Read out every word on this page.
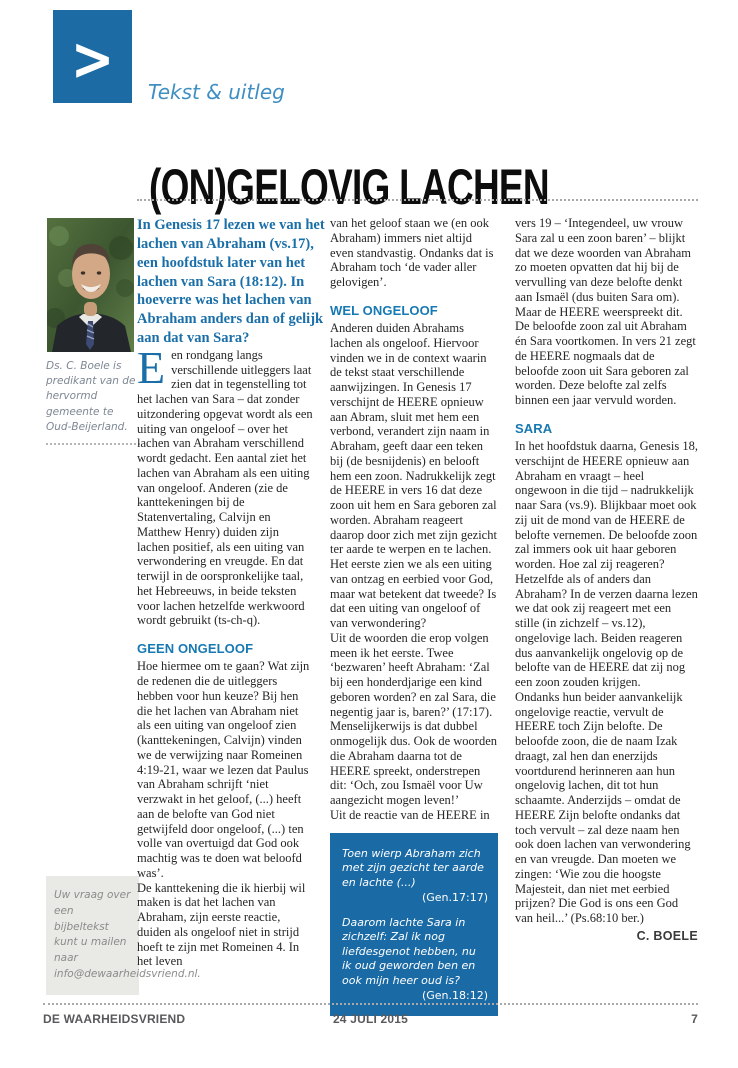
> Tekst & uitleg
(ON)GELOVIG LACHEN
Ds. C. Boele is predikant van de hervormd gemeente te Oud-Beijerland.
Uw vraag over een bijbeltekst kunt u mailen naar info@dewaarheidsvriend.nl.

In Genesis 17 lezen we van het lachen van Abraham (vs.17), een hoofdstuk later van het lachen van Sara (18:12). In hoeverre was het lachen van Abraham anders dan of gelijk aan dat van Sara?

Een rondgang langs verschillende uitleggers laat zien dat in tegenstelling tot het lachen van Sara – dat zonder uitzondering opgevat wordt als een uiting van ongeloof – over het lachen van Abraham verschillend wordt gedacht. Een aantal ziet het lachen van Abraham als een uiting van ongeloof. Anderen (zie de kanttekeningen bij de Statenvertaling, Calvijn en Matthew Henry) duiden zijn lachen positief, als een uiting van verwondering en vreugde. En dat terwijl in de oorspronkelijke taal, het Hebreeuws, in beide teksten voor lachen hetzelfde werkwoord wordt gebruikt (ts-ch-q).

GEEN ONGELOOF

Hoe hiermee om te gaan? Wat zijn de redenen die de uitleggers hebben voor hun keuze? Bij hen die het lachen van Abraham niet als een uiting van ongeloof zien (kanttekeningen, Calvijn) vinden we de verwijzing naar Romeinen 4:19-21, waar we lezen dat Paulus van Abraham schrijft ‘niet verzwakt in het geloof, (...) heeft aan de belofte van God niet getwijfeld door ongeloof, (...) ten volle van overtuigd dat God ook machtig was te doen wat beloofd was’.

De kanttekening die ik hierbij wil maken is dat het lachen van Abraham, zijn eerste reactie, duiden als ongeloof niet in strijd hoeft te zijn met Romeinen 4. In het leven

van het geloof staan we (en ook Abraham) immers niet altijd even standvastig. Ondanks dat is Abraham toch ‘de vader aller gelovigen’.

WEL ONGELOOF

Anderen duiden Abrahams lachen als ongeloof. Hiervoor vinden we in de context waarin de tekst staat verschillende aanwijzingen. In Genesis 17 verschijnt de HEERE opnieuw aan Abram, sluit met hem een verbond, verandert zijn naam in Abraham, geeft daar een teken bij (de besnijdenis) en belooft hem een zoon. Nadrukkelijk zegt de HEERE in vers 16 dat deze zoon uit hem en Sara geboren zal worden. Abraham reageert daarop door zich met zijn gezicht ter aarde te werpen en te lachen. Het eerste zien we als een uiting van ontzag en eerbied voor God, maar wat betekent dat tweede? Is dat een uiting van ongeloof of van verwondering?

Uit de woorden die erop volgen meen ik het eerste. Twee ‘bezwaren’ heeft Abraham: ‘Zal bij een honderdjarige een kind geboren worden? en zal Sara, die negentig jaar is, baren?’ (17:17). Menselijkerwijs is dat dubbel onmogelijk dus. Ook de woorden die Abraham daarna tot de HEERE spreekt, onderstrepen dit: ‘Och, zou Ismaël voor Uw aangezicht mogen leven!’

Uit de reactie van de HEERE in

Toen wierp Abraham zich met zijn gezicht ter aarde en lachte (...)
(Gen.17:17)
Daarom lachte Sara in zichzelf: Zal ik nog liefdesgenot hebben, nu ik oud geworden ben en ook mijn heer oud is?
(Gen.18:12)

vers 19 – ‘Integendeel, uw vrouw Sara zal u een zoon baren’ – blijkt dat we deze woorden van Abraham zo moeten opvatten dat hij bij de vervulling van deze belofte denkt aan Ismaël (dus buiten Sara om). Maar de HEERE weerspreekt dit. De beloofde zoon zal uit Abraham én Sara voortkomen. In vers 21 zegt de HEERE nogmaals dat de beloofde zoon uit Sara geboren zal worden. Deze belofte zal zelfs binnen een jaar vervuld worden.

SARA

In het hoofdstuk daarna, Genesis 18, verschijnt de HEERE opnieuw aan Abraham en vraagt – heel ongewoon in die tijd – nadrukkelijk naar Sara (vs.9). Blijkbaar moet ook zij uit de mond van de HEERE de belofte vernemen. De beloofde zoon zal immers ook uit haar geboren worden. Hoe zal zij reageren? Hetzelfde als of anders dan Abraham? In de verzen daarna lezen we dat ook zij reageert met een stille (in zichzelf – vs.12), ongelovige lach. Beiden reageren dus aanvankelijk ongelovig op de belofte van de HEERE dat zij nog een zoon zouden krijgen.

Ondanks hun beider aanvankelijk ongelovige reactie, vervult de HEERE toch Zijn belofte. De beloofde zoon, die de naam Izak draagt, zal hen dan enerzijds voortdurend herinneren aan hun ongelovig lachen, dit tot hun schaamte. Anderzijds – omdat de HEERE Zijn belofte ondanks dat toch vervult – zal deze naam hen ook doen lachen van verwondering en van vreugde. Dan moeten we zingen: ‘Wie zou die hoogste Majesteit, dan niet met eerbied prijzen? Die God is ons een God van heil...’ (Ps.68:10 ber.)

C. BOELE
DE WAARHEIDSVRIEND	24 JULI 2015	7
